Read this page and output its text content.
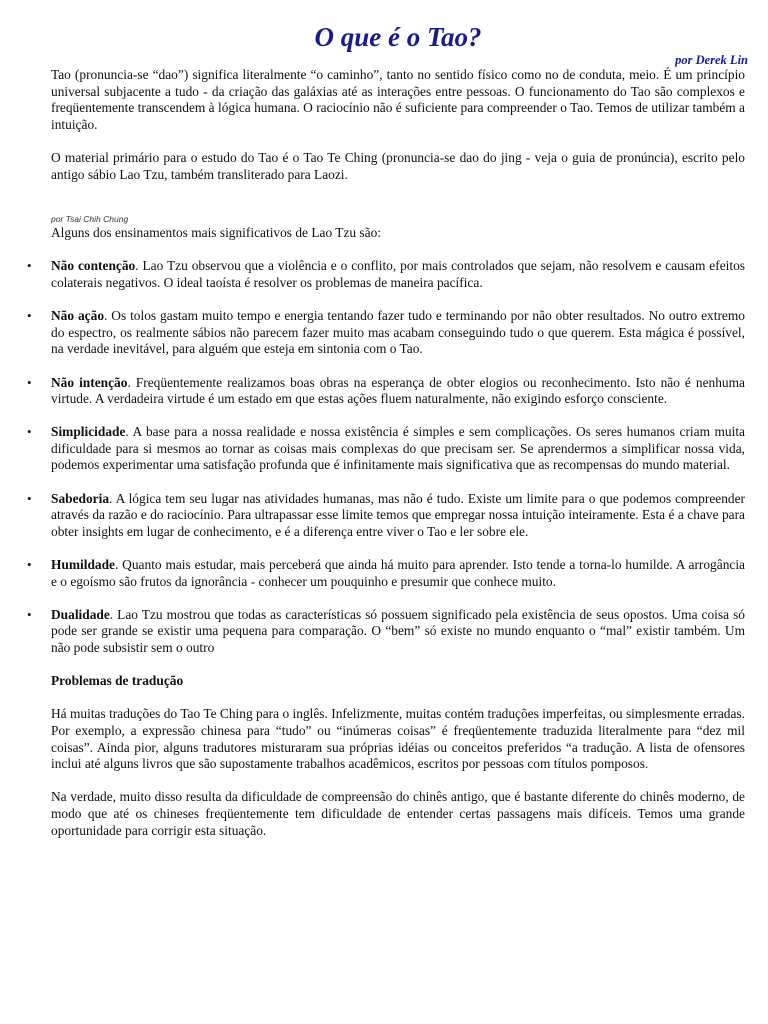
O que é o Tao?
por Derek Lin

Tao (pronuncia-se “dao”) significa literalmente “o caminho”, tanto no sentido físico como no de conduta, meio. É um princípio universal subjacente a tudo - da criação das galáxias até as interações entre pessoas. O funcionamento do Tao são complexos e freqüentemente transcendem à lógica humana. O raciocínio não é suficiente para compreender o Tao. Temos de utilizar também a intuição.

O material primário para o estudo do Tao é o Tao Te Ching (pronuncia-se dao do jing - veja o guia de pronúncia), escrito pelo antigo sábio Lao Tzu, também transliterado para Laozi.

por Tsai Chih Chung

Alguns dos ensinamentos mais significativos de Lao Tzu são:

• Não contenção. Lao Tzu observou que a violência e o conflito, por mais controlados que sejam, não resolvem e causam efeitos colaterais negativos. O ideal taoísta é resolver os problemas de maneira pacífica.

• Não ação. Os tolos gastam muito tempo e energia tentando fazer tudo e terminando por não obter resultados. No outro extremo do espectro, os realmente sábios não parecem fazer muito mas acabam conseguindo tudo o que querem. Esta mágica é possível, na verdade inevitável, para alguém que esteja em sintonia com o Tao.

• Não intenção. Freqüentemente realizamos boas obras na esperança de obter elogios ou reconhecimento. Isto não é nenhuma virtude. A verdadeira virtude é um estado em que estas ações fluem naturalmente, não exigindo esforço consciente.

• Simplicidade. A base para a nossa realidade e nossa existência é simples e sem complicações. Os seres humanos criam muita dificuldade para si mesmos ao tornar as coisas mais complexas do que precisam ser. Se aprendermos a simplificar nossa vida, podemos experimentar uma satisfação profunda que é infinitamente mais significativa que as recompensas do mundo material.

• Sabedoria. A lógica tem seu lugar nas atividades humanas, mas não é tudo. Existe um limite para o que podemos compreender através da razão e do raciocínio. Para ultrapassar esse limite temos que empregar nossa intuição inteiramente. Esta é a chave para obter insights em lugar de conhecimento, e é a diferença entre viver o Tao e ler sobre ele.

• Humildade. Quanto mais estudar, mais perceberá que ainda há muito para aprender. Isto tende a torna-lo humilde. A arrogância e o egoísmo são frutos da ignorância - conhecer um pouquinho e presumir que conhece muito.

• Dualidade. Lao Tzu mostrou que todas as características só possuem significado pela existência de seus opostos. Uma coisa só pode ser grande se existir uma pequena para comparação. O “bem” só existe no mundo enquanto o “mal” existir também. Um não pode subsistir sem o outro

Problemas de tradução

Há muitas traduções do Tao Te Ching para o inglês. Infelizmente, muitas contém traduções imperfeitas, ou simplesmente erradas. Por exemplo, a expressão chinesa para “tudo” ou “inúmeras coisas” é freqüentemente traduzida literalmente para “dez mil coisas”. Ainda pior, alguns tradutores misturaram sua próprias idéias ou conceitos preferidos “a tradução. A lista de ofensores inclui até alguns livros que são supostamente trabalhos acadêmicos, escritos por pessoas com títulos pomposos.

Na verdade, muito disso resulta da dificuldade de compreensão do chinês antigo, que é bastante diferente do chinês moderno, de modo que até os chineses freqüentemente tem dificuldade de entender certas passagens mais difíceis. Temos uma grande oportunidade para corrigir esta situação.
